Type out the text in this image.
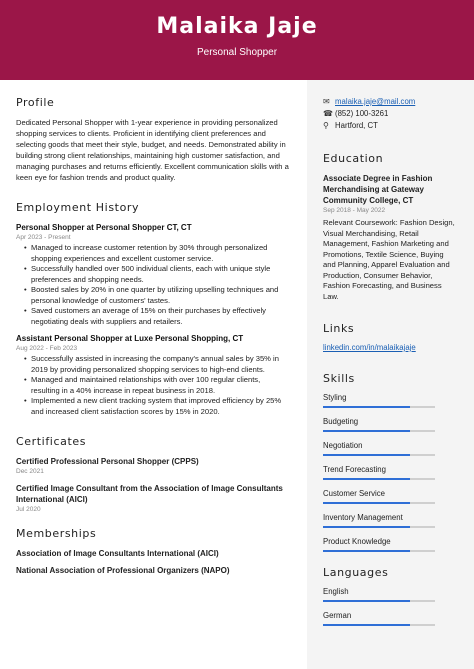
Malaika Jaje
Personal Shopper
Profile
Dedicated Personal Shopper with 1-year experience in providing personalized shopping services to clients. Proficient in identifying client preferences and selecting goods that meet their style, budget, and needs. Demonstrated ability in building strong client relationships, maintaining high customer satisfaction, and managing purchases and returns efficiently. Excellent communication skills with a keen eye for fashion trends and product quality.
Employment History
Personal Shopper at Personal Shopper CT, CT
Apr 2023 - Present
• Managed to increase customer retention by 30% through personalized shopping experiences and excellent customer service.
• Successfully handled over 500 individual clients, each with unique style preferences and shopping needs.
• Boosted sales by 20% in one quarter by utilizing upselling techniques and personal knowledge of customers' tastes.
• Saved customers an average of 15% on their purchases by effectively negotiating deals with suppliers and retailers.
Assistant Personal Shopper at Luxe Personal Shopping, CT
Aug 2022 - Feb 2023
• Successfully assisted in increasing the company's annual sales by 35% in 2019 by providing personalized shopping services to high-end clients.
• Managed and maintained relationships with over 100 regular clients, resulting in a 40% increase in repeat business in 2018.
• Implemented a new client tracking system that improved efficiency by 25% and increased client satisfaction scores by 15% in 2020.
Certificates
Certified Professional Personal Shopper (CPPS)
Dec 2021
Certified Image Consultant from the Association of Image Consultants International (AICI)
Jul 2020
Memberships
Association of Image Consultants International (AICI)
National Association of Professional Organizers (NAPO)
✉ malaika.jaje@mail.com
☎ (852) 100-3261
⚲ Hartford, CT
Education
Associate Degree in Fashion Merchandising at Gateway Community College, CT
Sep 2018 - May 2022
Relevant Coursework: Fashion Design, Visual Merchandising, Retail Management, Fashion Marketing and Promotions, Textile Science, Buying and Planning, Apparel Evaluation and Production, Consumer Behavior, Fashion Forecasting, and Business Law.
Links
linkedin.com/in/malaikajaje
Skills
Styling
Budgeting
Negotiation
Trend Forecasting
Customer Service
Inventory Management
Product Knowledge
Languages
English
German
